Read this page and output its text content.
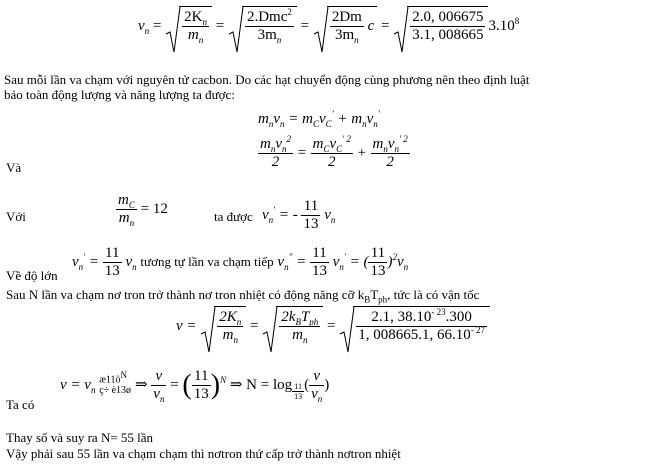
$v_n = \frac{2K_n}{m_n} = \frac{2.Dmc^2}{3m_n} = \frac{2Dm}{3m_n}$ $c = \frac{2.0, 006675}{3.1, 008665} 3.10^8$
Sau mỗi lần va chạm với nguyên tử cacbon. Do các hạt chuyển động cùng phương nên theo định luật
bảo toàn động lượng và năng lượng ta được:
$m_nv_n = m_Cv_C' + m_nv_n'$
Và	$\frac{m_nv_n^2}{2} = \frac{m_Cv_C^{' 2}}{2} + \frac{m_nv_n^{' 2}}{2}$
Với	$\frac{m_C}{m_n} = 12$	ta được $v_n'$ = - $\frac{11}{13} v_n$
Về độ lớn
$v_n' = \frac{11}{13} v_n$ tương tự lần va chạm tiếp $v_n^" = \frac{11}{13} v_n'$ = ( $\frac{11}{13} )^2v_n$
Sau N lần va chạm nơ tron trở thành nơ tron nhiệt có động năng cỡ $k_BT_{ph}$, tức là có vận tốc
$v = \frac{2K_n}{m_n} = \frac{2k_BT_{ph}}{m_n} = \frac{2.1, 38.10^{- 23}.300}{1, 008665.1, 66.10^{- 27}}$
Ta có
$v = v_n$ $æ11ö^N$ ç÷ è13ø ⇒ $\frac{v}{v_n}$ = ( $\frac{11}{13} )^N$ ⇒ $N = \log \frac{11}{13}$ ( $\frac{v}{v_n}$ )
Thay số và suy ra N= 55 lần
Vậy phải sau 55 lần va chạm chạm thì nơtron thứ cấp trở thành nơtron nhiệt
